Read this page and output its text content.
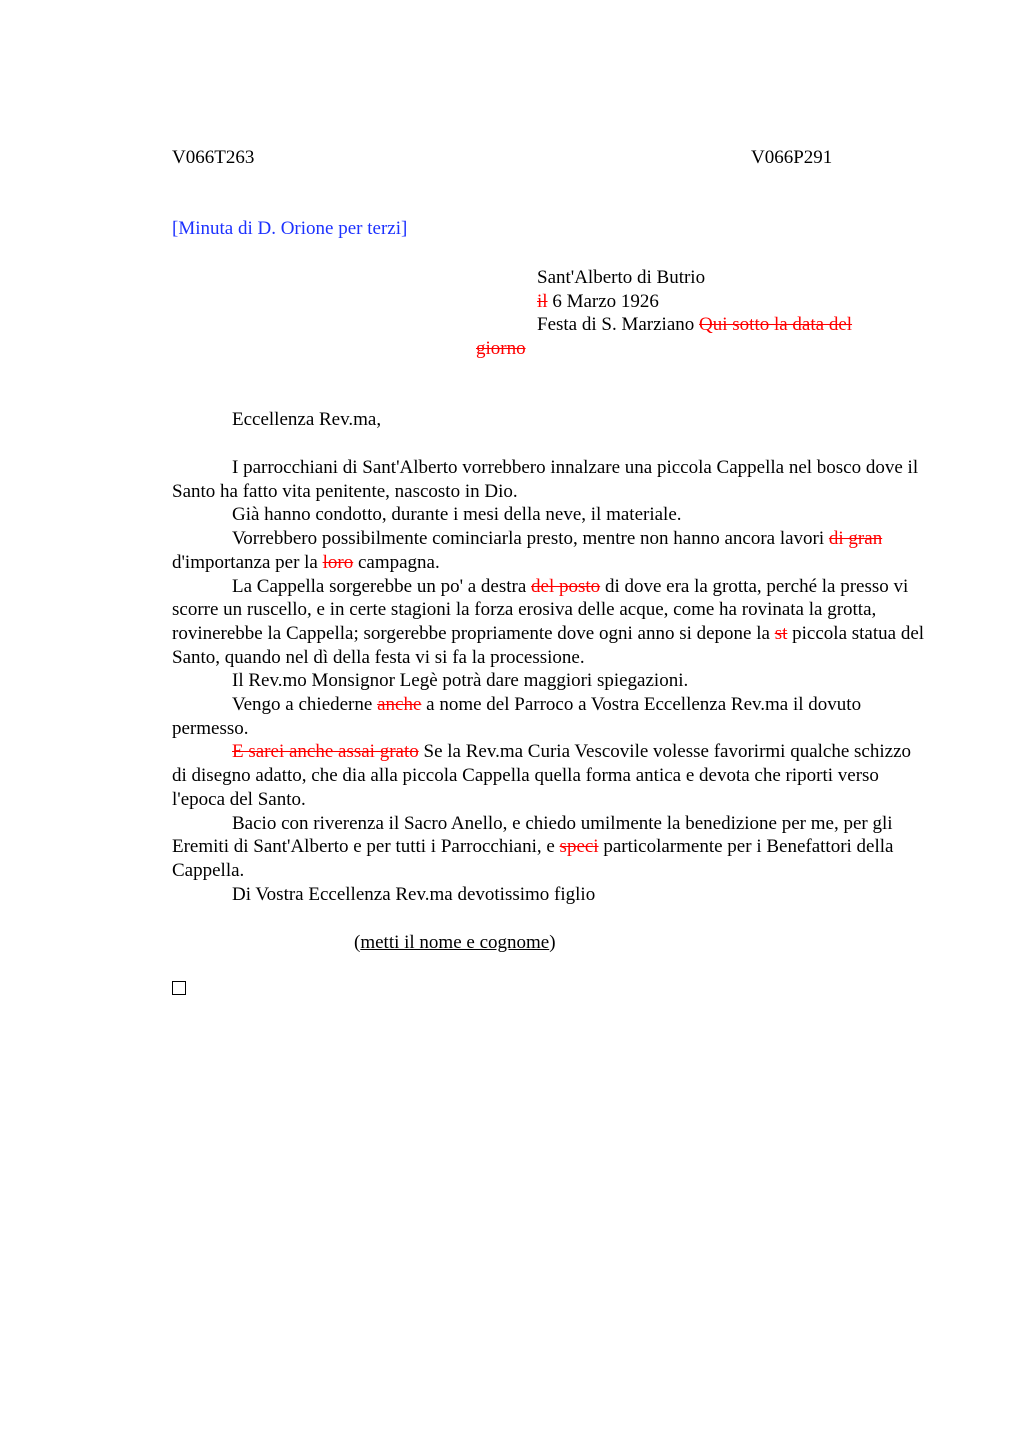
V066T263	V066P291
[Minuta di D. Orione per terzi]
Sant'Alberto di Butrio
il 6 Marzo 1926
Festa di S. Marziano Qui sotto la data del
giorno
Eccellenza Rev.ma,

I parrocchiani di Sant'Alberto vorrebbero innalzare una piccola Cappella nel bosco dove il Santo ha fatto vita penitente, nascosto in Dio.

Già hanno condotto, durante i mesi della neve, il materiale.

Vorrebbero possibilmente cominciarla presto, mentre non hanno ancora lavori di gran d'importanza per la loro campagna.

La Cappella sorgerebbe un po' a destra del posto di dove era la grotta, perché la presso vi scorre un ruscello, e in certe stagioni la forza erosiva delle acque, come ha rovinata la grotta, rovinerebbe la Cappella; sorgerebbe propriamente dove ogni anno si depone la st piccola statua del Santo, quando nel dì della festa vi si fa la processione.

Il Rev.mo Monsignor Legè potrà dare maggiori spiegazioni.

Vengo a chiederne anche a nome del Parroco a Vostra Eccellenza Rev.ma il dovuto permesso.

E sarei anche assai grato Se la Rev.ma Curia Vescovile volesse favorirmi qualche schizzo di disegno adatto, che dia alla piccola Cappella quella forma antica e devota che riporti verso l'epoca del Santo.

Bacio con riverenza il Sacro Anello, e chiedo umilmente la benedizione per me, per gli Eremiti di Sant'Alberto e per tutti i Parrocchiani, e speci particolarmente per i Benefattori della Cappella.

Di Vostra Eccellenza Rev.ma devotissimo figlio

(metti il nome e cognome)
